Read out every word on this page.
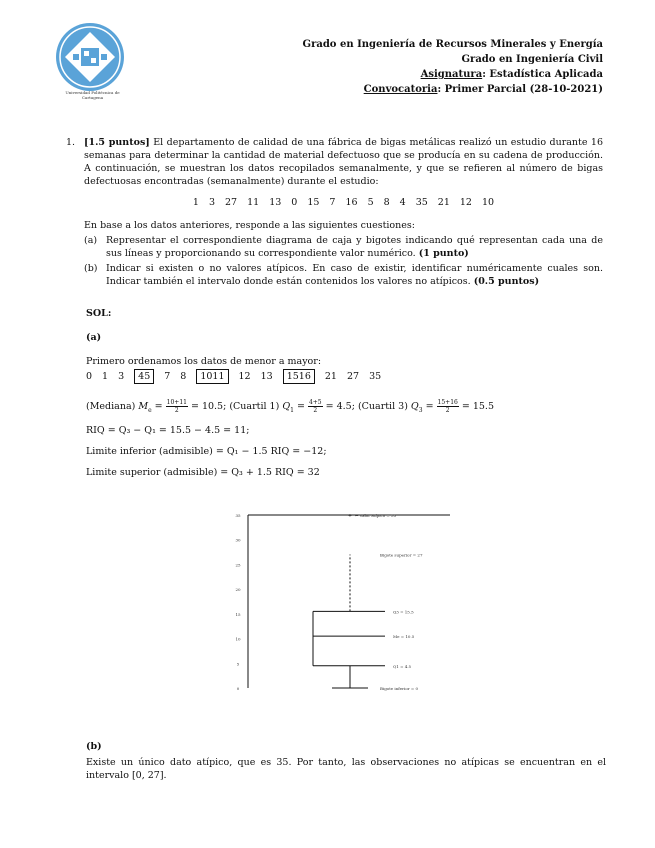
Universidad Politécnica de Cartagena
Grado en Ingeniería de Recursos Minerales y Energía
Grado en Ingeniería Civil
Asignatura: Estadística Aplicada
Convocatoria: Primer Parcial (28-10-2021)
1. [1.5 puntos] El departamento de calidad de una fábrica de bigas metálicas realizó un estudio durante 16 semanas para determinar la cantidad de material defectuoso que se producía en su cadena de producción. A continuación, se muestran los datos recopilados semanalmente, y que se refieren al número de bigas defectuosas encontradas (semanalmente) durante el estudio:
1 3 27 11 13 0 15 7 16 5 8 4 35 21 12 10
En base a los datos anteriores, responde a las siguientes cuestiones:
(a) Representar el correspondiente diagrama de caja y bigotes indicando qué representan cada una de sus líneas y proporcionando su correspondiente valor numérico. (1 punto)
(b) Indicar si existen o no valores atípicos. En caso de existir, identificar numéricamente cuales son. Indicar también el intervalo donde están contenidos los valores no atípicos. (0.5 puntos)
SOL:
(a)
Primero ordenamos los datos de menor a mayor:
0 1 3 45 7 8 1011 12 13 1516 21 27 35
(Mediana) $M_e = \frac{10+11}{2} = 10.5$; (Cuartil 1) $Q_1 = \frac{4+5}{2} = 4.5$; (Cuartil 3) $Q_3 = \frac{15+16}{2} = 15.5$
RIQ = Q₃ − Q₁ = 15.5 − 4.5 = 11;
Limite inferior (admisible) = Q₁ − 1.5 RIQ = −12;
Limite superior (admisible) = Q₃ + 1.5 RIQ = 32
35
30
25
20
15
10
5
0
+ ← Valor atípico = 35
Bigote superior = 27
Q3 = 15.5
Me = 10.5
Q1 = 4.5
Bigote inferior = 0
(b)
Existe un único dato atípico, que es 35. Por tanto, las observaciones no atípicas se encuentran en el intervalo [0, 27].
